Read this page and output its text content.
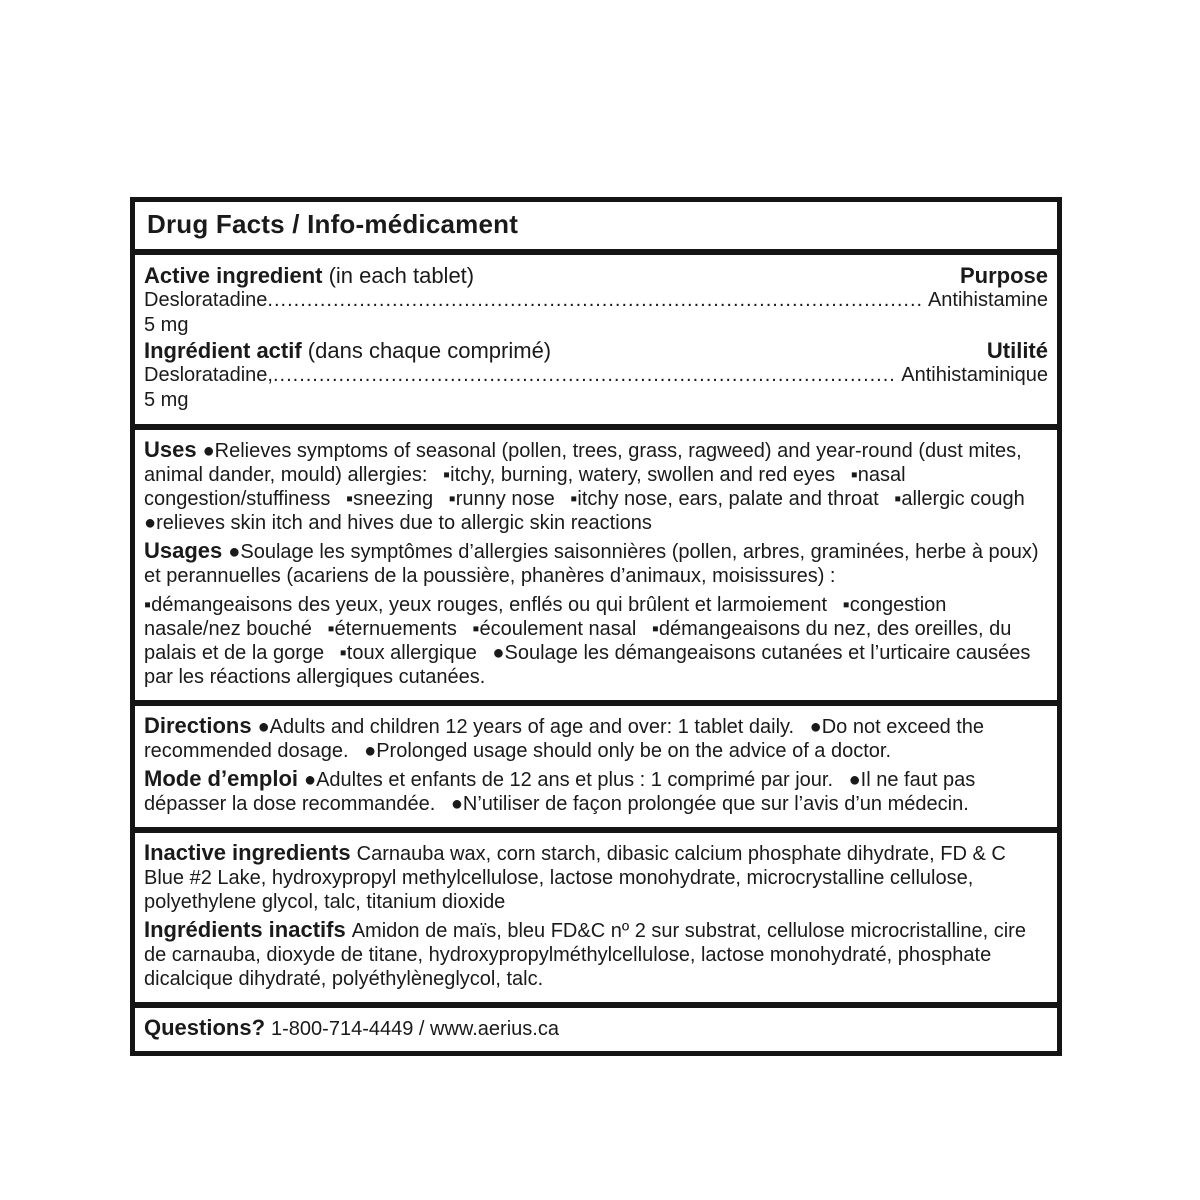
Drug Facts / Info-médicament
Active ingredient (in each tablet)	Purpose
Desloratadine 5 mg
.....
Antihistamine
Ingrédient actif (dans chaque comprimé)	Utilité
Desloratadine, 5 mg
.....
Antihistaminique

Uses ●Relieves symptoms of seasonal (pollen, trees, grass, ragweed) and year-round (dust mites, animal dander, mould) allergies:  ▪itchy, burning, watery, swollen and red eyes  ▪nasal congestion/stuffiness  ▪sneezing  ▪runny nose  ▪itchy nose, ears, palate and throat  ▪allergic cough  ●relieves skin itch and hives due to allergic skin reactions

Usages ●Soulage les symptômes d’allergies saisonnières (pollen, arbres, graminées, herbe à poux) et perannuelles (acariens de la poussière, phanères d’animaux, moisissures) :

▪démangeaisons des yeux, yeux rouges, enflés ou qui brûlent et larmoiement  ▪congestion nasale/nez bouché  ▪éternuements  ▪écoulement nasal  ▪démangeaisons du nez, des oreilles, du palais et de la gorge  ▪toux allergique  ●Soulage les démangeaisons cutanées et l’urticaire causées par les réactions allergiques cutanées.

Directions ●Adults and children 12 years of age and over: 1 tablet daily.  ●Do not exceed the recommended dosage.  ●Prolonged usage should only be on the advice of a doctor.

Mode d’emploi ●Adultes et enfants de 12 ans et plus : 1 comprimé par jour.  ●Il ne faut pas dépasser la dose recommandée.  ●N’utiliser de façon prolongée que sur l’avis d’un médecin.

Inactive ingredients Carnauba wax, corn starch, dibasic calcium phosphate dihydrate, FD & C Blue #2 Lake, hydroxypropyl methylcellulose, lactose monohydrate, microcrystalline cellulose, polyethylene glycol, talc, titanium dioxide

Ingrédients inactifs Amidon de maïs, bleu FD&C nº 2 sur substrat, cellulose microcristalline, cire de carnauba, dioxyde de titane, hydroxypropylméthylcellulose, lactose monohydraté, phosphate dicalcique dihydraté, polyéthylèneglycol, talc.

Questions? 1-800-714-4449 / www.aerius.ca
